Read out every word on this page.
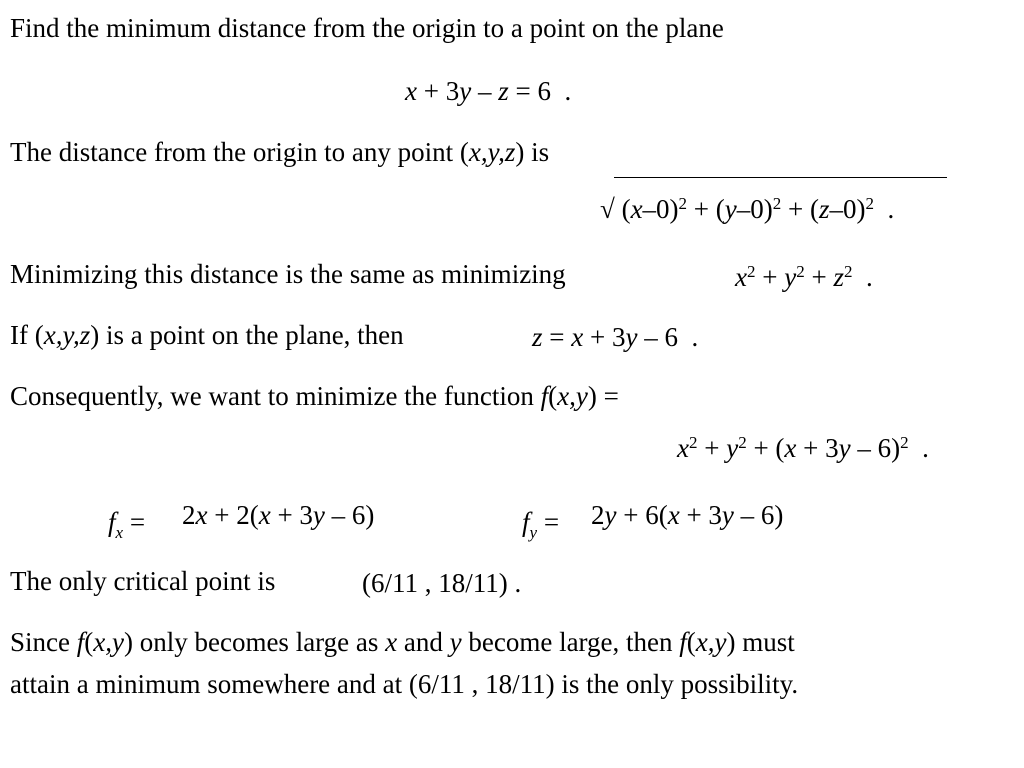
Find the minimum distance from the origin to a point on the plane
x + 3y – z = 6  .
The distance from the origin to any point (x,y,z) is
√ $(x-0)^2 + (y-0)^2 + (z-0)^2$  .
Minimizing this distance is the same as minimizing	$x^2 + y^2 + z^2$  .
If (x,y,z) is a point on the plane, then	z = x + 3y – 6  .
Consequently, we want to minimize the function f(x,y) =
$x^2 + y^2 + (x + 3y - 6)^2$  .
$f_x = 2x + 2(x + 3y - 6)$	$f_y = 2y + 6(x + 3y - 6)$
The only critical point is	(6/11 , 18/11) .
Since f(x,y) only becomes large as x and y become large, then f(x,y) must
attain a minimum somewhere and at (6/11 , 18/11) is the only possibility.
